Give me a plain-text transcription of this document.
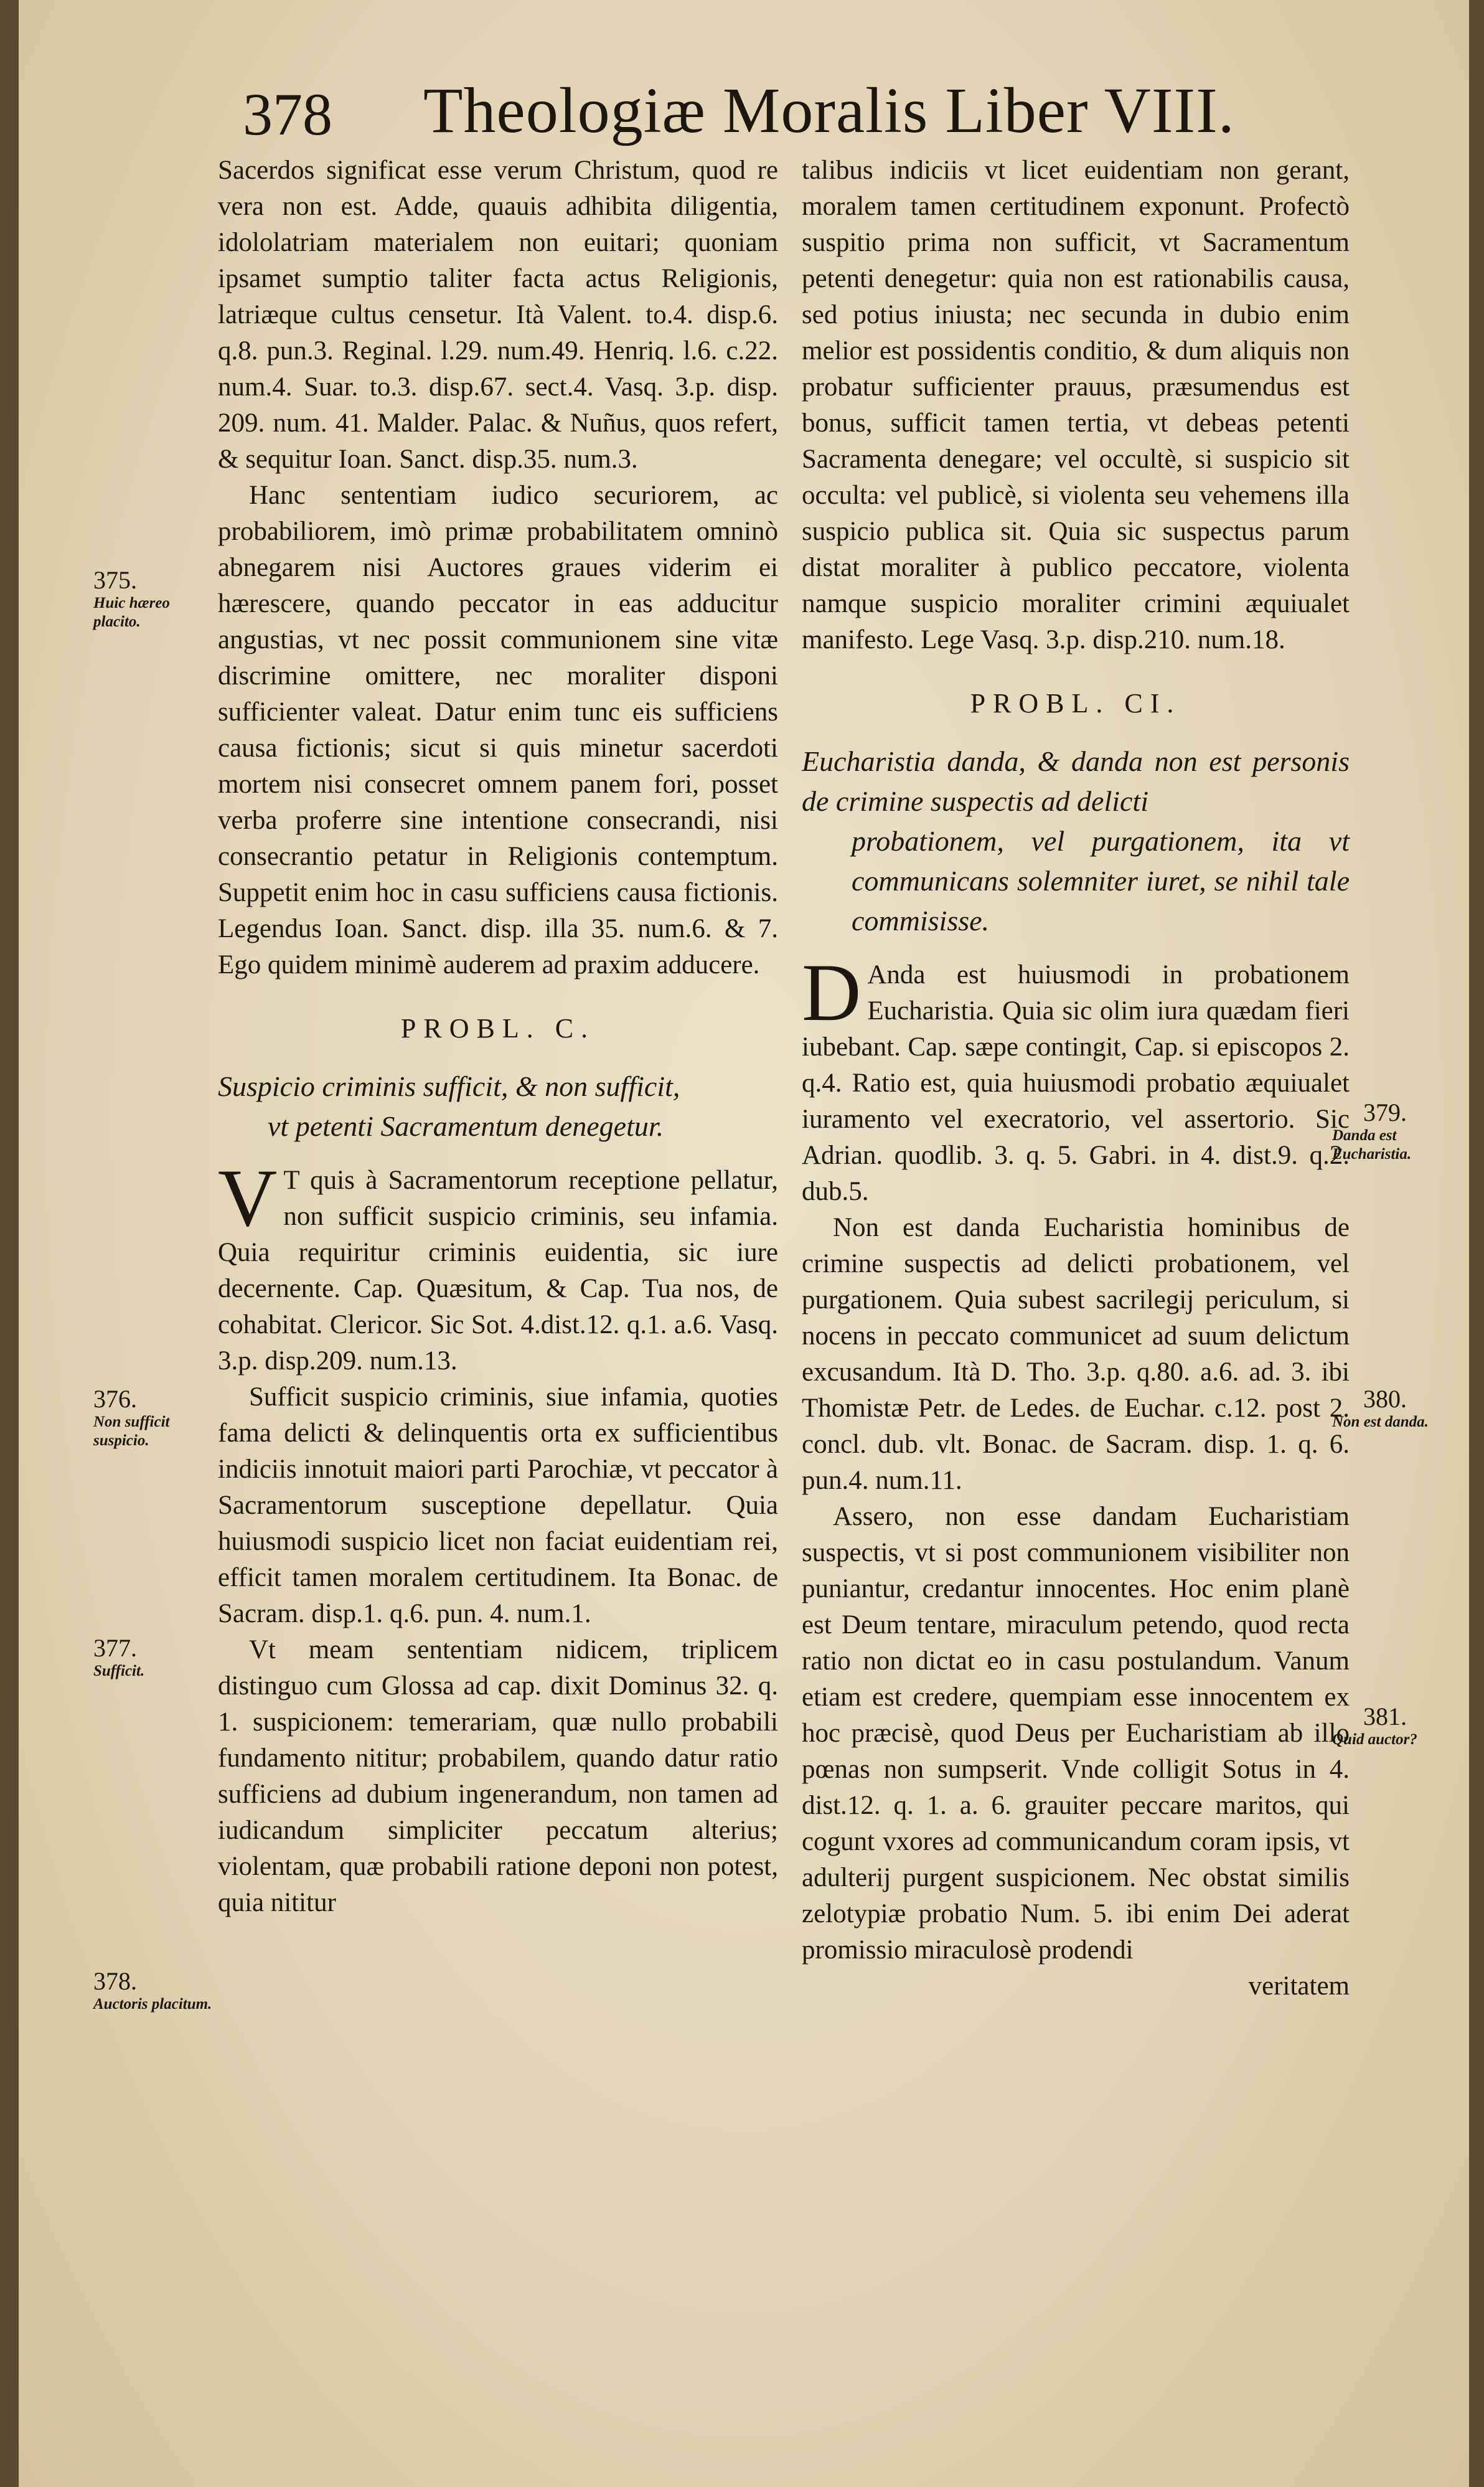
378 Theologiæ Moralis Liber VIII.

Sacerdos significat esse verum Christum, quod re vera non est. Adde, quauis adhibita diligentia, idololatriam materialem non euitari; quoniam ipsamet sumptio taliter facta actus Religionis, latriæque cultus censetur. Ità Valent. to.4. disp.6. q.8. pun.3. Reginal. l.29. num.49. Henriq. l.6. c.22. num.4. Suar. to.3. disp.67. sect.4. Vasq. 3.p. disp. 209. num. 41. Malder. Palac. & Nuñus, quos refert, & sequitur Ioan. Sanct. disp.35. num.3.

Hanc sententiam iudico securiorem, ac probabiliorem, imò primæ probabilitatem omninò abnegarem nisi Auctores graues viderim ei hærescere, quando peccator in eas adducitur angustias, vt nec possit communionem sine vitæ discrimine omittere, nec moraliter disponi sufficienter valeat. Datur enim tunc eis sufficiens causa fictionis; sicut si quis minetur sacerdoti mortem nisi consecret omnem panem fori, posset verba proferre sine intentione consecrandi, nisi consecrantio petatur in Religionis contemptum. Suppetit enim hoc in casu sufficiens causa fictionis. Legendus Ioan. Sanct. disp. illa 35. num.6. & 7. Ego quidem minimè auderem ad praxim adducere.

PROBL. C.
Suspicio criminis sufficit, & non sufficit,
vt petenti Sacramentum denegetur.

V T quis à Sacramentorum receptione pellatur, non sufficit suspicio criminis, seu infamia. Quia requiritur criminis euidentia, sic iure decernente. Cap. Quæsitum, & Cap. Tua nos, de cohabitat. Clericor. Sic Sot. 4.dist.12. q.1. a.6. Vasq. 3.p. disp.209. num.13.

Sufficit suspicio criminis, siue infamia, quoties fama delicti & delinquentis orta ex sufficientibus indiciis innotuit maiori parti Parochiæ, vt peccator à Sacramentorum susceptione depellatur. Quia huiusmodi suspicio licet non faciat euidentiam rei, efficit tamen moralem certitudinem. Ita Bonac. de Sacram. disp.1. q.6. pun. 4. num.1.

Vt meam sententiam nidicem, triplicem distinguo cum Glossa ad cap. dixit Dominus 32. q. 1. suspicionem: temerariam, quæ nullo probabili fundamento nititur; probabilem, quando datur ratio sufficiens ad dubium ingenerandum, non tamen ad iudicandum simpliciter peccatum alterius; violentam, quæ probabili ratione deponi non potest, quia nititur

talibus indiciis vt licet euidentiam non gerant, moralem tamen certitudinem exponunt. Profectò suspitio prima non sufficit, vt Sacramentum petenti denegetur: quia non est rationabilis causa, sed potius iniusta; nec secunda in dubio enim melior est possidentis conditio, & dum aliquis non probatur sufficienter prauus, præsumendus est bonus, sufficit tamen tertia, vt debeas petenti Sacramenta denegare; vel occultè, si suspicio sit occulta: vel publicè, si violenta seu vehemens illa suspicio publica sit. Quia sic suspectus parum distat moraliter à publico peccatore, violenta namque suspicio moraliter crimini æquiualet manifesto. Lege Vasq. 3.p. disp.210. num.18.

PROBL. CI.
Eucharistia danda, & danda non est personis de crimine suspectis ad delicti
probationem, vel purgationem, ita vt communicans solemniter iuret, se nihil tale commisisse.

D Anda est huiusmodi in probationem Eucharistia. Quia sic olim iura quædam fieri iubebant. Cap. sæpe contingit, Cap. si episcopos 2. q.4. Ratio est, quia huiusmodi probatio æquiualet iuramento vel execratorio, vel assertorio. Sic Adrian. quodlib. 3. q. 5. Gabri. in 4. dist.9. q.2. dub.5.

Non est danda Eucharistia hominibus de crimine suspectis ad delicti probationem, vel purgationem. Quia subest sacrilegij periculum, si nocens in peccato communicet ad suum delictum excusandum. Ità D. Tho. 3.p. q.80. a.6. ad. 3. ibi Thomistæ Petr. de Ledes. de Euchar. c.12. post 2. concl. dub. vlt. Bonac. de Sacram. disp. 1. q. 6. pun.4. num.11.

Assero, non esse dandam Eucharistiam suspectis, vt si post communionem visibiliter non puniantur, credantur innocentes. Hoc enim planè est Deum tentare, miraculum petendo, quod recta ratio non dictat eo in casu postulandum. Vanum etiam est credere, quempiam esse innocentem ex hoc præcisè, quod Deus per Eucharistiam ab illo pœnas non sumpserit. Vnde colligit Sotus in 4. dist.12. q. 1. a. 6. grauiter peccare maritos, qui cogunt vxores ad communicandum coram ipsis, vt adulterij purgent suspicionem. Nec obstat similis zelotypiæ probatio Num. 5. ibi enim Dei aderat promissio miraculosè prodendi

veritatem

375.
Huic hæreo placito.
376.
Non sufficit suspicio.
377.
Sufficit.
378.
Auctoris placitum.
379.
Danda est Eucharistia.
380.
Non est danda.
381.
Quid auctor?
